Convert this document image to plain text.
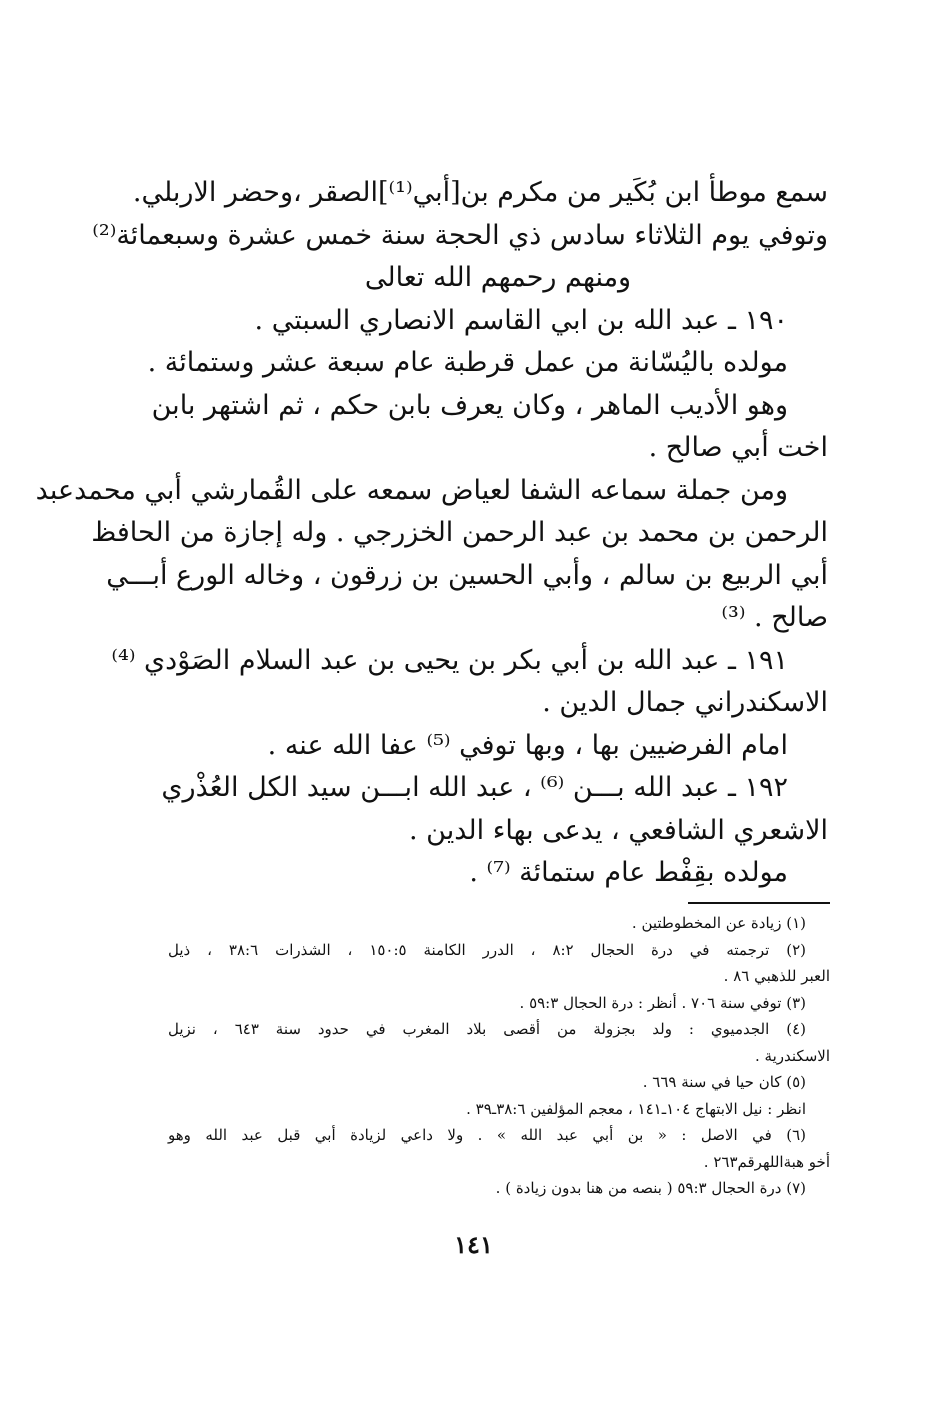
سمع موطأ ابن بُكَير من مكرم بن[أبي⁽¹⁾]الصقر ،وحضر الاربلي.
وتوفي يوم الثلاثاء سادس ذي الحجة سنة خمس عشرة وسبعمائة⁽²⁾
ومنهم رحمهم الله تعالى
١٩٠ ـ عبد الله بن ابي القاسم الانصاري السبتي .
مولده باليُسّانة من عمل قرطبة عام سبعة عشر وستمائة .
وهو الأديب الماهر ، وكان يعرف بابن حكم ، ثم اشتهر بابن
اخت أبي صالح .
ومن جملة سماعه الشفا لعياض سمعه على القُمارشي أبي محمدعبد
الرحمن بن محمد بن عبد الرحمن الخزرجي . وله إجازة من الحافظ
أبي الربيع بن سالم ، وأبي الحسين بن زرقون ، وخاله الورع أبـــي
صالح . ⁽³⁾
١٩١ ـ عبد الله بن أبي بكر بن يحيى بن عبد السلام الصَوْدي ⁽⁴⁾
الاسكندراني جمال الدين .
امام الفرضيين بها ، وبها توفي ⁽⁵⁾ عفا الله عنه .
١٩٢ ـ عبد الله بـــن ⁽⁶⁾ ، عبد الله ابـــن سيد الكل العُذْري
الاشعري الشافعي ، يدعى بهاء الدين .
مولده بقِفْط عام ستمائة ⁽⁷⁾ .
(١) زيادة عن المخطوطتين .
(٢) ترجمته في درة الحجال ٨:٢ ، الدرر الكامنة ١٥٠:٥ ، الشذرات ٣٨:٦ ، ذيل
العبر للذهبي ٨٦ .
(٣) توفي سنة ٧٠٦ . أنظر : درة الحجال ٥٩:٣ .
(٤) الجدميوي : ولد بجزولة من أقصى بلاد المغرب في حدود سنة ٦٤٣ ، نزيل
الاسكندرية .
(٥) كان حيا في سنة ٦٦٩ .
انظر : نيل الابتهاج ١٠٤ـ١٤١ ، معجم المؤلفين ٣٨:٦ـ٣٩ .
(٦) في الاصل : « بن أبي عبد الله » . ولا داعي لزيادة أبي قبل عبد الله وهو
أخو هبةاللهرقم٢٦٣ .
(٧) درة الحجال ٥٩:٣ ( بنصه من هنا بدون زيادة ) .
١٤١
